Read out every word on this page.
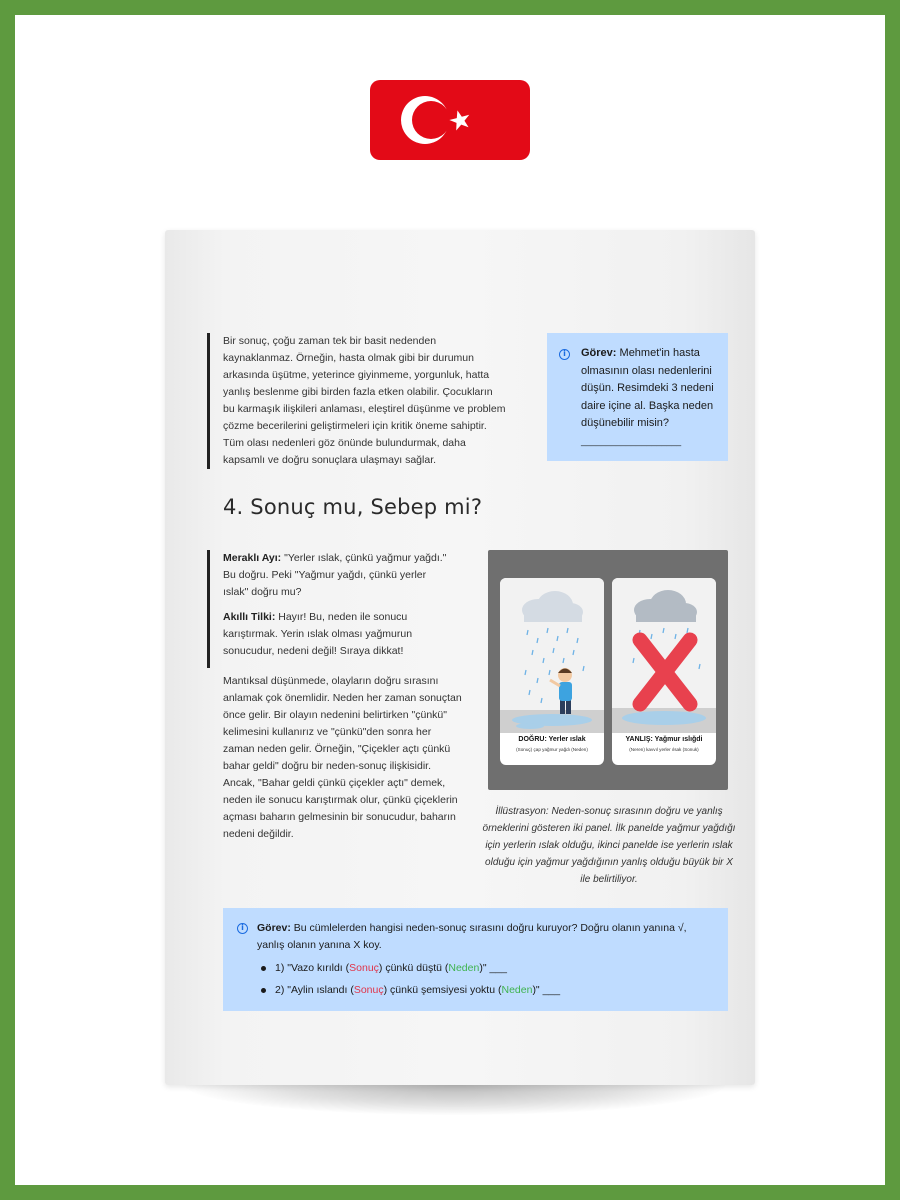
Bir sonuç, çoğu zaman tek bir basit nedenden kaynaklanmaz. Örneğin, hasta olmak gibi bir durumun arkasında üşütme, yeterince giyinmeme, yorgunluk, hatta yanlış beslenme gibi birden fazla etken olabilir. Çocukların bu karmaşık ilişkileri anlaması, eleştirel düşünme ve problem çözme becerilerini geliştirmeleri için kritik öneme sahiptir. Tüm olası nedenleri göz önünde bulundurmak, daha kapsamlı ve doğru sonuçlara ulaşmayı sağlar.
i	Görev: Mehmet'in hasta olmasının olası nedenlerini düşün. Resimdeki 3 nedeni daire içine al. Başka neden düşünebilir misin?
____________________
4. Sonuç mu, Sebep mi?

Meraklı Ayı: "Yerler ıslak, çünkü yağmur yağdı." Bu doğru. Peki "Yağmur yağdı, çünkü yerler ıslak" doğru mu?

Akıllı Tilki: Hayır! Bu, neden ile sonucu karıştırmak. Yerin ıslak olması yağmurun sonucudur, nedeni değil! Sıraya dikkat!

Mantıksal düşünmede, olayların doğru sırasını anlamak çok önemlidir. Neden her zaman sonuçtan önce gelir. Bir olayın nedenini belirtirken "çünkü" kelimesini kullanırız ve "çünkü"den sonra her zaman neden gelir. Örneğin, "Çiçekler açtı çünkü bahar geldi" doğru bir neden-sonuç ilişkisidir. Ancak, "Bahar geldi çünkü çiçekler açtı" demek, neden ile sonucu karıştırmak olur, çünkü çiçeklerin açması baharın gelmesinin bir sonucudur, baharın nedeni değildir.
DOĞRU: Yerler ıslak
(Sonuç) çap yağmur yağdı (Neden)
YANLIŞ: Yağmur ıslığdi
(Neren) kavvıl yerler ılsak (Sonuk)
İllüstrasyon: Neden-sonuç sırasının doğru ve yanlış örneklerini gösteren iki panel. İlk panelde yağmur yağdığı için yerlerin ıslak olduğu, ikinci panelde ise yerlerin ıslak olduğu için yağmur yağdığının yanlış olduğu büyük bir X ile belirtiliyor.
i	Görev: Bu cümlelerden hangisi neden-sonuç sırasını doğru kuruyor? Doğru olanın yanına √, yanlış olanın yanına X koy.
1) "Vazo kırıldı (Sonuç) çünkü düştü (Neden)" ___
2) "Aylin ıslandı (Sonuç) çünkü şemsiyesi yoktu (Neden)" ___
